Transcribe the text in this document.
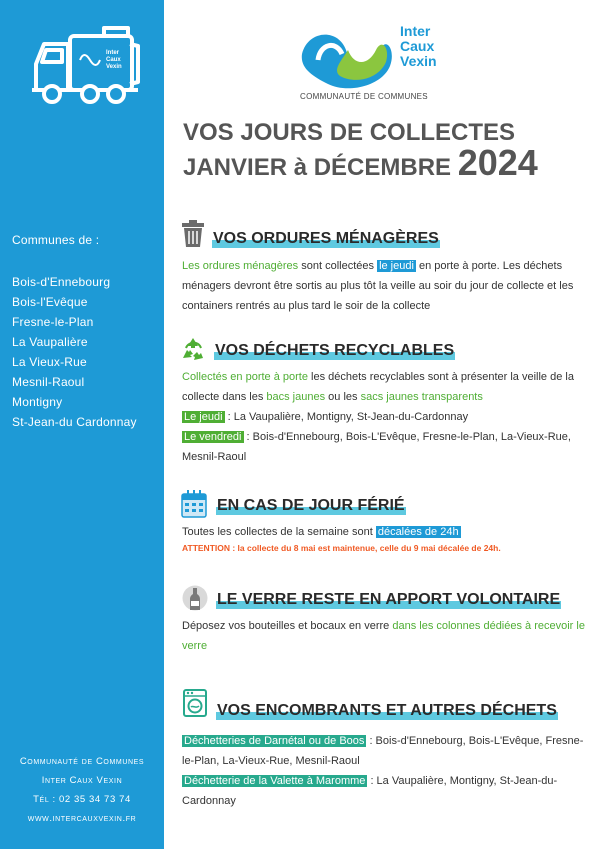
Inter
Caux
Vexin
Communes de :
Bois-d'Ennebourg
Bois-l'Evêque
Fresne-le-Plan
La Vaupalière
La Vieux-Rue
Mesnil-Raoul
Montigny
St-Jean-du Cardonnay
Communauté de Communes
Inter Caux Vexin
Tél : 02 35 34 73 74
www.intercauxvexin.fr
Inter
Caux
Vexin
COMMUNAUTÉ DE COMMUNES
VOS JOURS DE COLLECTES
JANVIER à DÉCEMBRE 2024
VOS ORDURES MÉNAGÈRES
Les ordures ménagères sont collectées le jeudi en porte à porte. Les déchets ménagers devront être sortis au plus tôt la veille au soir du jour de collecte et les containers rentrés au plus tard le soir de la collecte
VOS DÉCHETS RECYCLABLES
Collectés en porte à porte les déchets recyclables sont à présenter la veille de la collecte dans les bacs jaunes ou les sacs jaunes transparents
Le jeudi : La Vaupalière, Montigny, St-Jean-du-Cardonnay
Le vendredi : Bois-d'Ennebourg, Bois-L'Evêque, Fresne-le-Plan, La-Vieux-Rue, Mesnil-Raoul
EN CAS DE JOUR FÉRIÉ
Toutes les collectes de la semaine sont décalées de 24h
ATTENTION : la collecte du 8 mai est maintenue, celle du 9 mai décalée de 24h.
LE VERRE RESTE EN APPORT VOLONTAIRE
Déposez vos bouteilles et bocaux en verre dans les colonnes dédiées à recevoir le verre
VOS ENCOMBRANTS ET AUTRES DÉCHETS
Déchetteries de Darnétal ou de Boos : Bois-d'Ennebourg, Bois-L'Evêque, Fresne-le-Plan, La-Vieux-Rue, Mesnil-Raoul
Déchetterie de la Valette à Maromme : La Vaupalière, Montigny, St-Jean-du-Cardonnay
